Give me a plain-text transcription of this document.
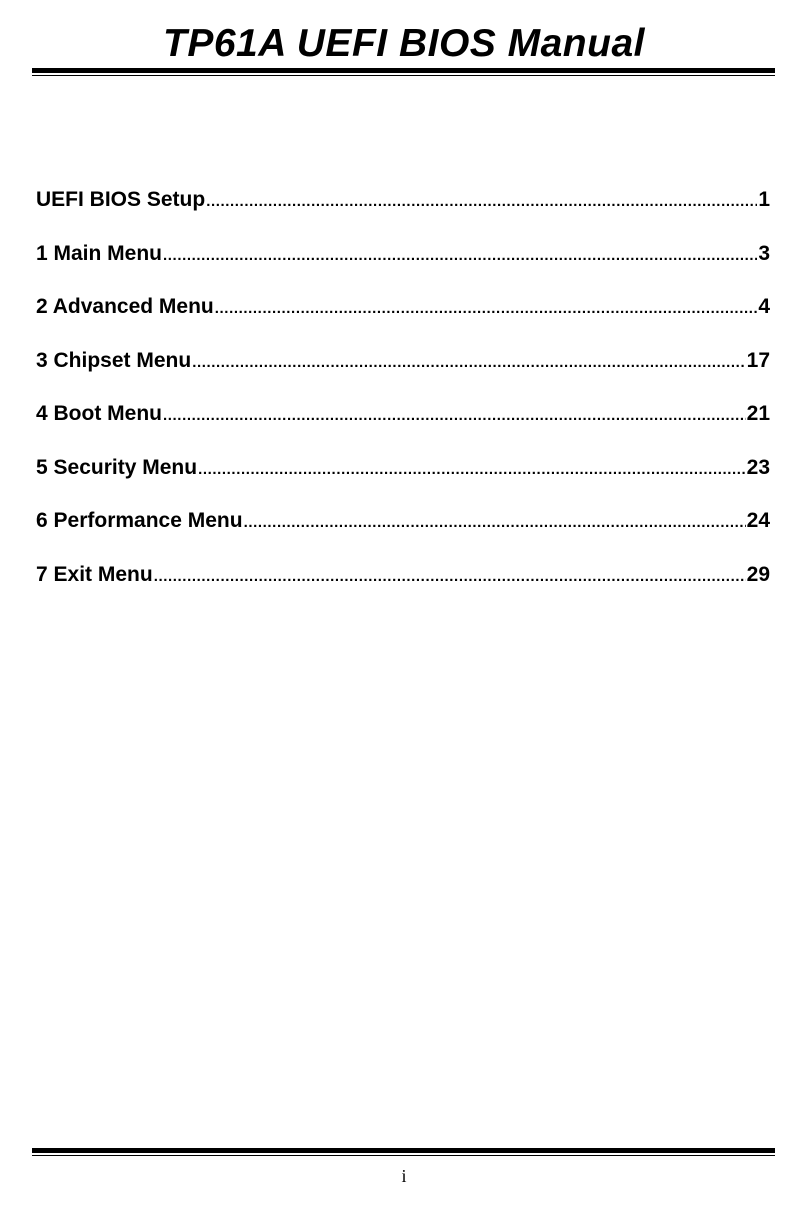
TP61A UEFI BIOS Manual
UEFI BIOS Setup .....	1
1 Main Menu .....	3
2 Advanced Menu .....	4
3 Chipset Menu .....	17
4 Boot Menu .....	21
5 Security Menu .....	23
6 Performance Menu .....	24
7 Exit Menu .....	29
i
